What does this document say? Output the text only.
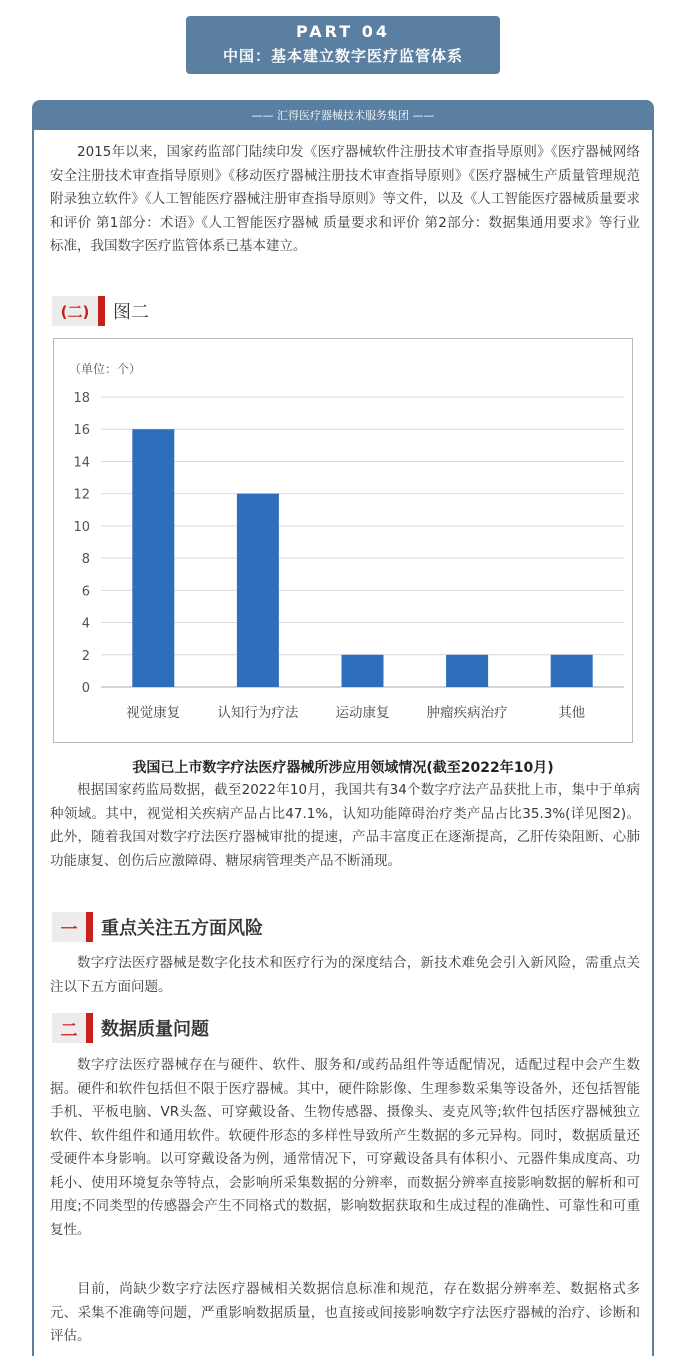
PART 04
中国：基本建立数字医疗监管体系
—— 汇得医疗器械技术服务集团 ——

2015年以来，国家药监部门陆续印发《医疗器械软件注册技术审查指导原则》《医疗器械网络安全注册技术审查指导原则》《移动医疗器械注册技术审查指导原则》《医疗器械生产质量管理规范附录独立软件》《人工智能医疗器械注册审查指导原则》等文件，以及《人工智能医疗器械质量要求和评价 第1部分：术语》《人工智能医疗器械 质量要求和评价 第2部分：数据集通用要求》等行业标准，我国数字医疗监管体系已基本建立。

(二)	图二
（单位：个）
0
2
4
6
8
10
12
14
16
18
视觉康复	认知行为疗法	运动康复	肿瘤疾病治疗	其他
我国已上市数字疗法医疗器械所涉应用领域情况(截至2022年10月)

根据国家药监局数据，截至2022年10月，我国共有34个数字疗法产品获批上市，集中于单病种领域。其中，视觉相关疾病产品占比47.1%，认知功能障碍治疗类产品占比35.3%(详见图2)。此外，随着我国对数字疗法医疗器械审批的提速，产品丰富度正在逐渐提高，乙肝传染阻断、心肺功能康复、创伤后应激障碍、糖尿病管理类产品不断涌现。

一	重点关注五方面风险

数字疗法医疗器械是数字化技术和医疗行为的深度结合，新技术难免会引入新风险，需重点关注以下五方面问题。

二	数据质量问题

数字疗法医疗器械存在与硬件、软件、服务和/或药品组件等适配情况，适配过程中会产生数据。硬件和软件包括但不限于医疗器械。其中，硬件除影像、生理参数采集等设备外，还包括智能手机、平板电脑、VR头盔、可穿戴设备、生物传感器、摄像头、麦克风等;软件包括医疗器械独立软件、软件组件和通用软件。软硬件形态的多样性导致所产生数据的多元异构。同时，数据质量还受硬件本身影响。以可穿戴设备为例，通常情况下，可穿戴设备具有体积小、元器件集成度高、功耗小、使用环境复杂等特点，会影响所采集数据的分辨率，而数据分辨率直接影响数据的解析和可用度;不同类型的传感器会产生不同格式的数据，影响数据获取和生成过程的准确性、可靠性和可重复性。

目前，尚缺少数字疗法医疗器械相关数据信息标准和规范，存在数据分辨率差、数据格式多元、采集不准确等问题，严重影响数据质量，也直接或间接影响数字疗法医疗器械的治疗、诊断和评估。
